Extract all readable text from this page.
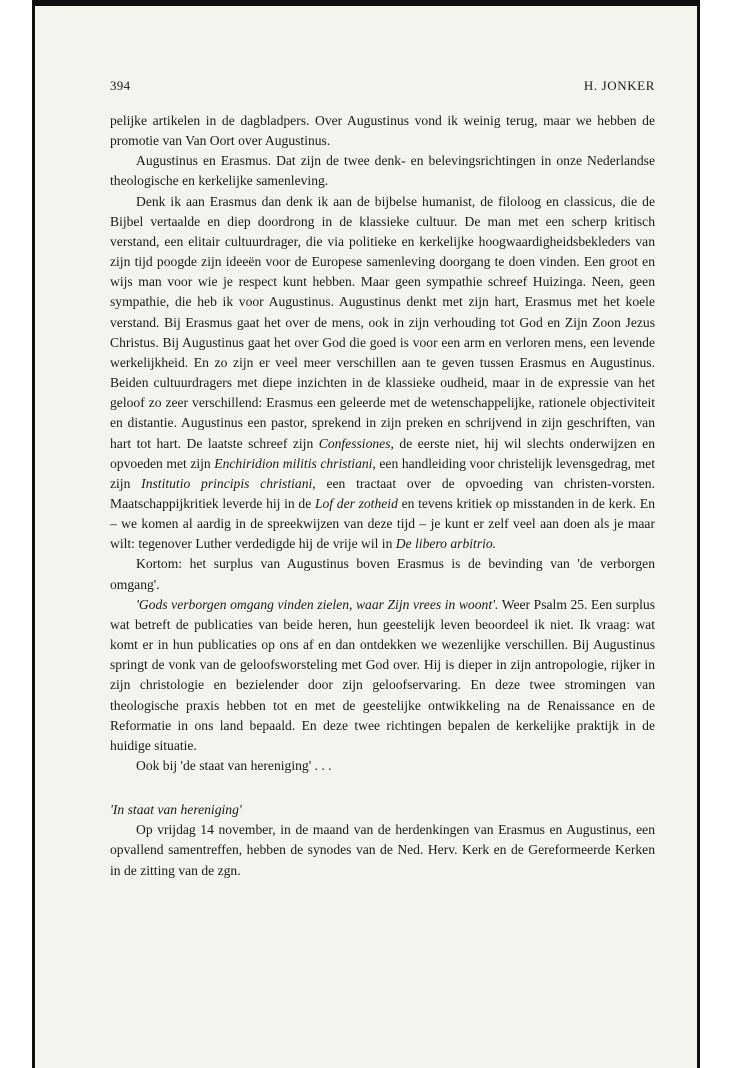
394	H. JONKER

pelijke artikelen in de dagbladpers. Over Augustinus vond ik weinig terug, maar we hebben de promotie van Van Oort over Augustinus.

Augustinus en Erasmus. Dat zijn de twee denk- en belevingsrichtingen in onze Nederlandse theologische en kerkelijke samenleving.

Denk ik aan Erasmus dan denk ik aan de bijbelse humanist, de filoloog en classicus, die de Bijbel vertaalde en diep doordrong in de klassieke cultuur. De man met een scherp kritisch verstand, een elitair cultuurdrager, die via politieke en kerkelijke hoogwaardigheidsbekleders van zijn tijd poogde zijn ideeën voor de Europese samenleving doorgang te doen vinden. Een groot en wijs man voor wie je respect kunt hebben. Maar geen sympathie schreef Huizinga. Neen, geen sympathie, die heb ik voor Augustinus. Augustinus denkt met zijn hart, Erasmus met het koele verstand. Bij Erasmus gaat het over de mens, ook in zijn verhouding tot God en Zijn Zoon Jezus Christus. Bij Augustinus gaat het over God die goed is voor een arm en verloren mens, een levende werkelijkheid. En zo zijn er veel meer verschillen aan te geven tussen Erasmus en Augustinus. Beiden cultuurdragers met diepe inzichten in de klassieke oudheid, maar in de expressie van het geloof zo zeer verschillend: Erasmus een geleerde met de wetenschappelijke, rationele objectiviteit en distantie. Augustinus een pastor, sprekend in zijn preken en schrijvend in zijn geschriften, van hart tot hart. De laatste schreef zijn Confessiones, de eerste niet, hij wil slechts onderwijzen en opvoeden met zijn Enchiridion militis christiani, een handleiding voor christelijk levensgedrag, met zijn Institutio principis christiani, een tractaat over de opvoeding van christen-vorsten. Maatschappijkritiek leverde hij in de Lof der zotheid en tevens kritiek op misstanden in de kerk. En – we komen al aardig in de spreekwijzen van deze tijd – je kunt er zelf veel aan doen als je maar wilt: tegenover Luther verdedigde hij de vrije wil in De libero arbitrio.

Kortom: het surplus van Augustinus boven Erasmus is de bevinding van 'de verborgen omgang'.

'Gods verborgen omgang vinden zielen, waar Zijn vrees in woont'. Weer Psalm 25. Een surplus wat betreft de publicaties van beide heren, hun geestelijk leven beoordeel ik niet. Ik vraag: wat komt er in hun publicaties op ons af en dan ontdekken we wezenlijke verschillen. Bij Augustinus springt de vonk van de geloofsworsteling met God over. Hij is dieper in zijn antropologie, rijker in zijn christologie en bezielender door zijn geloofservaring. En deze twee stromingen van theologische praxis hebben tot en met de geestelijke ontwikkeling na de Renaissance en de Reformatie in ons land bepaald. En deze twee richtingen bepalen de kerkelijke praktijk in de huidige situatie.

Ook bij 'de staat van hereniging' . . .

'In staat van hereniging'

Op vrijdag 14 november, in de maand van de herdenkingen van Erasmus en Augustinus, een opvallend samentreffen, hebben de synodes van de Ned. Herv. Kerk en de Gereformeerde Kerken in de zitting van de zgn.
